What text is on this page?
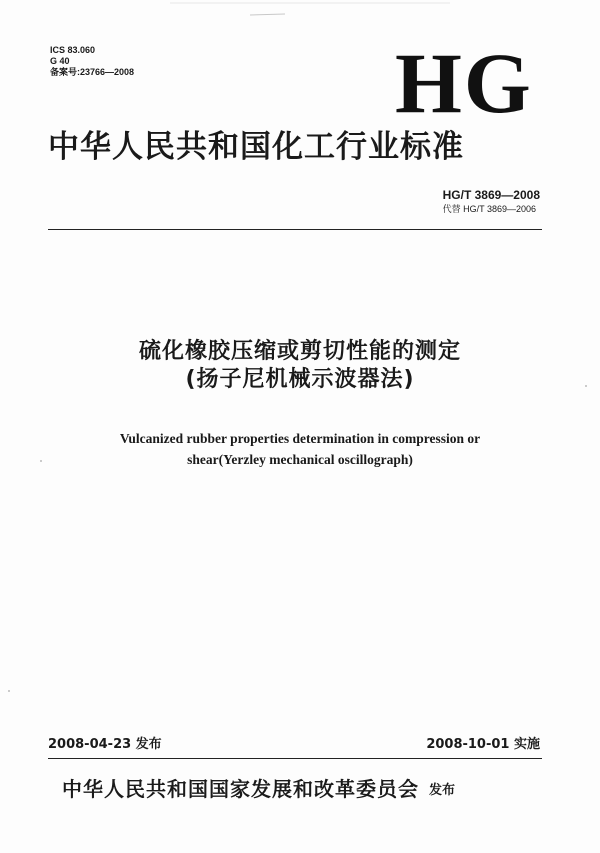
ICS 83.060
G 40
备案号:23766—2008	HG
中华人民共和国化工行业标准
HG/T 3869—2008
代替 HG/T 3869—2006
硫化橡胶压缩或剪切性能的测定
(扬子尼机械示波器法)
Vulcanized rubber properties determination in compression or
shear(Yerzley mechanical oscillograph)
2008-04-23 发布	2008-10-01 实施
中华人民共和国国家发展和改革委员会 发布
